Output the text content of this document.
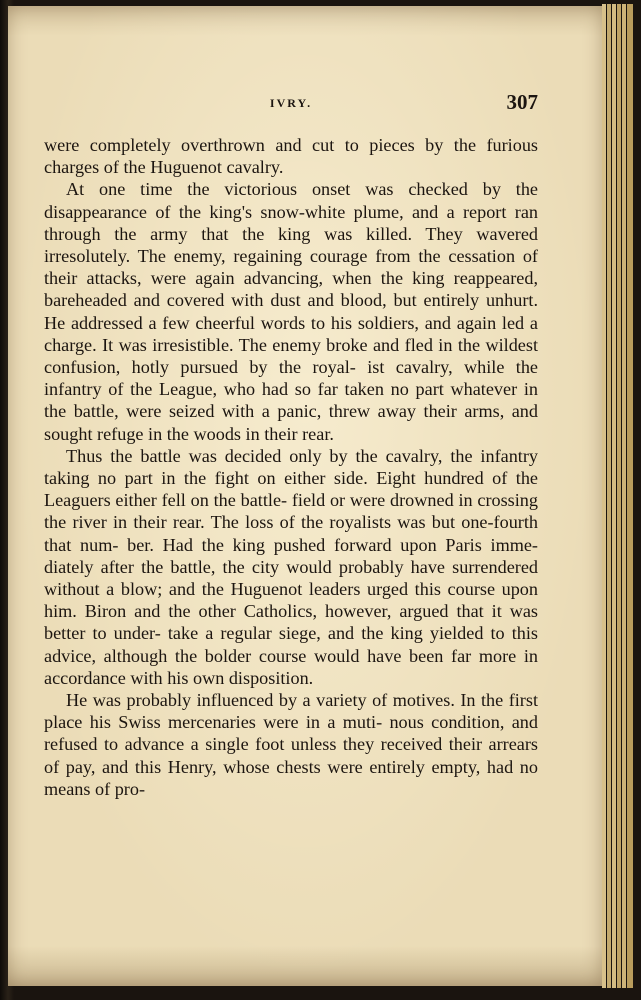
IVRY.	307

were completely overthrown and cut to pieces by the furious charges of the Huguenot cavalry.

At one time the victorious onset was checked by the disappearance of the king's snow-white plume, and a report ran through the army that the king was killed. They wavered irresolutely. The enemy, regaining courage from the cessation of their attacks, were again advancing, when the king reappeared, bareheaded and covered with dust and blood, but entirely unhurt. He addressed a few cheerful words to his soldiers, and again led a charge. It was irresistible. The enemy broke and fled in the wildest confusion, hotly pursued by the royal- ist cavalry, while the infantry of the League, who had so far taken no part whatever in the battle, were seized with a panic, threw away their arms, and sought refuge in the woods in their rear.

Thus the battle was decided only by the cavalry, the infantry taking no part in the fight on either side. Eight hundred of the Leaguers either fell on the battle- field or were drowned in crossing the river in their rear. The loss of the royalists was but one-fourth that num- ber. Had the king pushed forward upon Paris imme- diately after the battle, the city would probably have surrendered without a blow; and the Huguenot leaders urged this course upon him. Biron and the other Catholics, however, argued that it was better to under- take a regular siege, and the king yielded to this advice, although the bolder course would have been far more in accordance with his own disposition.

He was probably influenced by a variety of motives. In the first place his Swiss mercenaries were in a muti- nous condition, and refused to advance a single foot unless they received their arrears of pay, and this Henry, whose chests were entirely empty, had no means of pro-
